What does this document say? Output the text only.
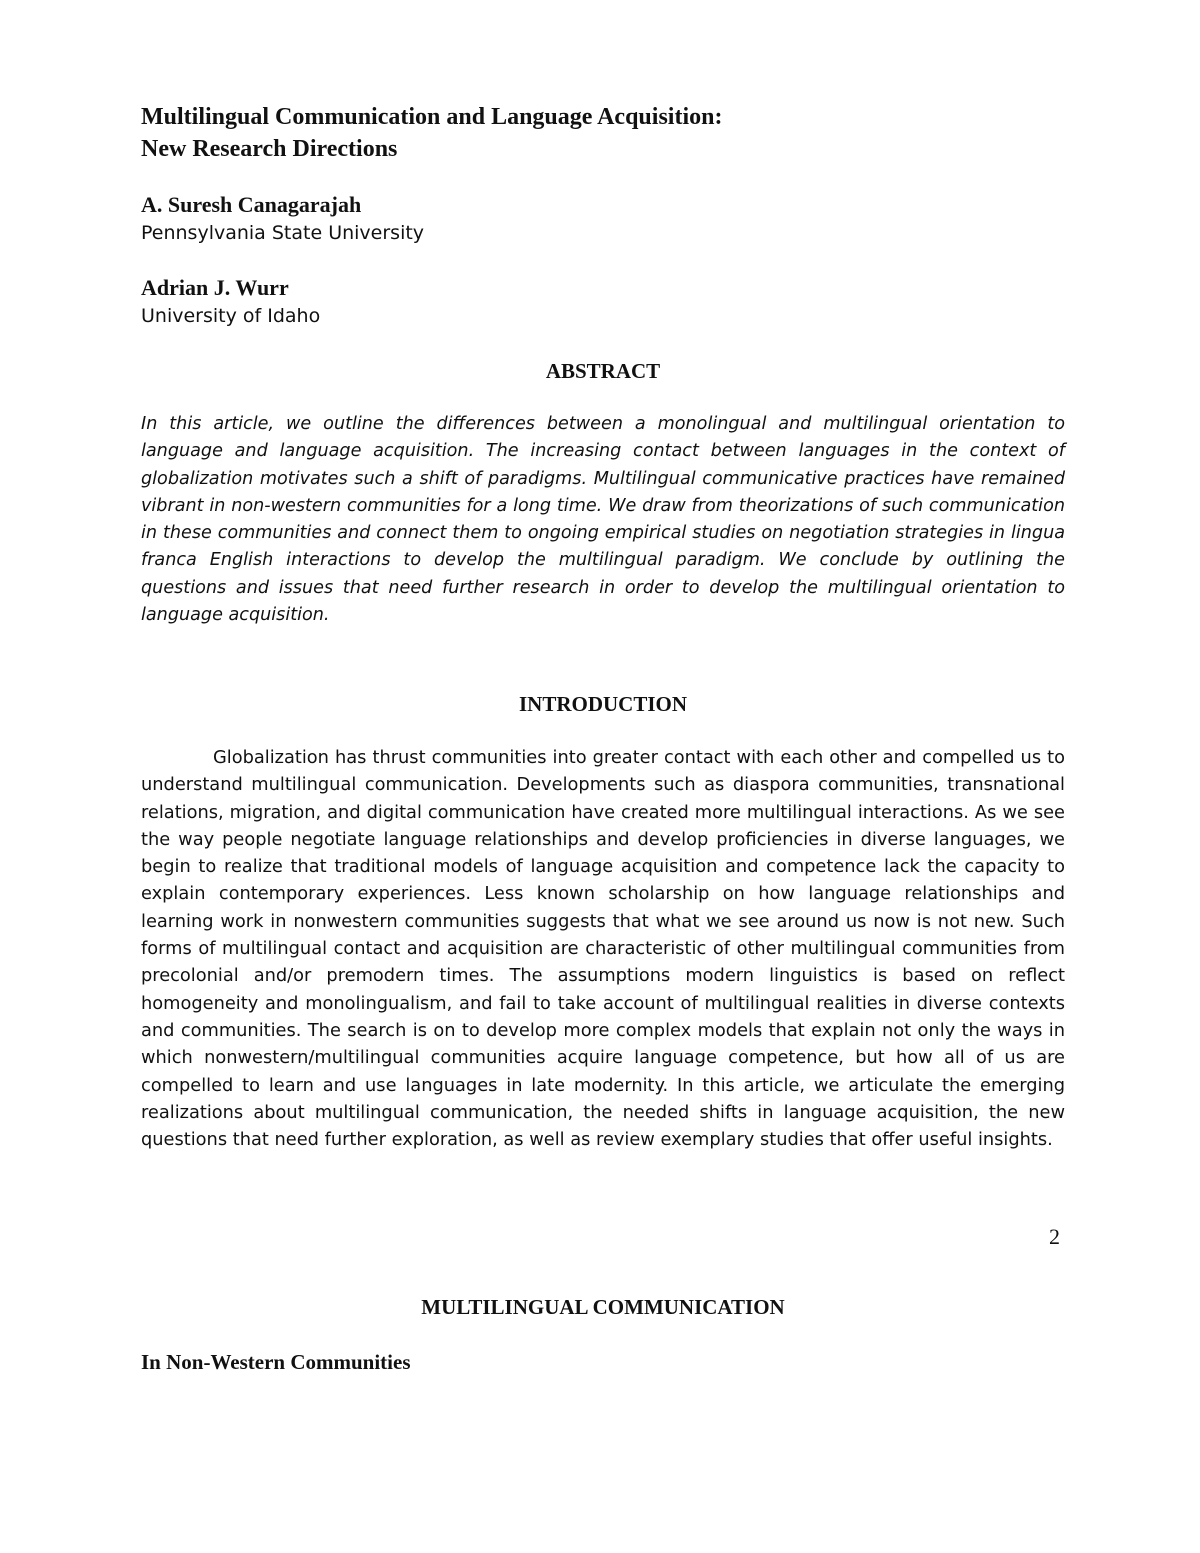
Multilingual Communication and Language Acquisition:
New Research Directions
A. Suresh Canagarajah
Pennsylvania State University
Adrian J. Wurr
University of Idaho
ABSTRACT

In this article, we outline the differences between a monolingual and multilingual orientation to language and language acquisition. The increasing contact between languages in the context of globalization motivates such a shift of paradigms. Multilingual communicative practices have remained vibrant in non-western communities for a long time. We draw from theorizations of such communication in these communities and connect them to ongoing empirical studies on negotiation strategies in lingua franca English interactions to develop the multilingual paradigm. We conclude by outlining the questions and issues that need further research in order to develop the multilingual orientation to language acquisition.

INTRODUCTION

Globalization has thrust communities into greater contact with each other and compelled us to understand multilingual communication. Developments such as diaspora communities, transnational relations, migration, and digital communication have created more multilingual interactions. As we see the way people negotiate language relationships and develop proficiencies in diverse languages, we begin to realize that traditional models of language acquisition and competence lack the capacity to explain contemporary experiences. Less known scholarship on how language relationships and learning work in nonwestern communities suggests that what we see around us now is not new. Such forms of multilingual contact and acquisition are characteristic of other multilingual communities from precolonial and/or premodern times. The assumptions modern linguistics is based on reflect homogeneity and monolingualism, and fail to take account of multilingual realities in diverse contexts and communities. The search is on to develop more complex models that explain not only the ways in which nonwestern/multilingual communities acquire language competence, but how all of us are compelled to learn and use languages in late modernity. In this article, we articulate the emerging realizations about multilingual communication, the needed shifts in language acquisition, the new questions that need further exploration, as well as review exemplary studies that offer useful insights.

2
MULTILINGUAL COMMUNICATION
In Non-Western Communities
